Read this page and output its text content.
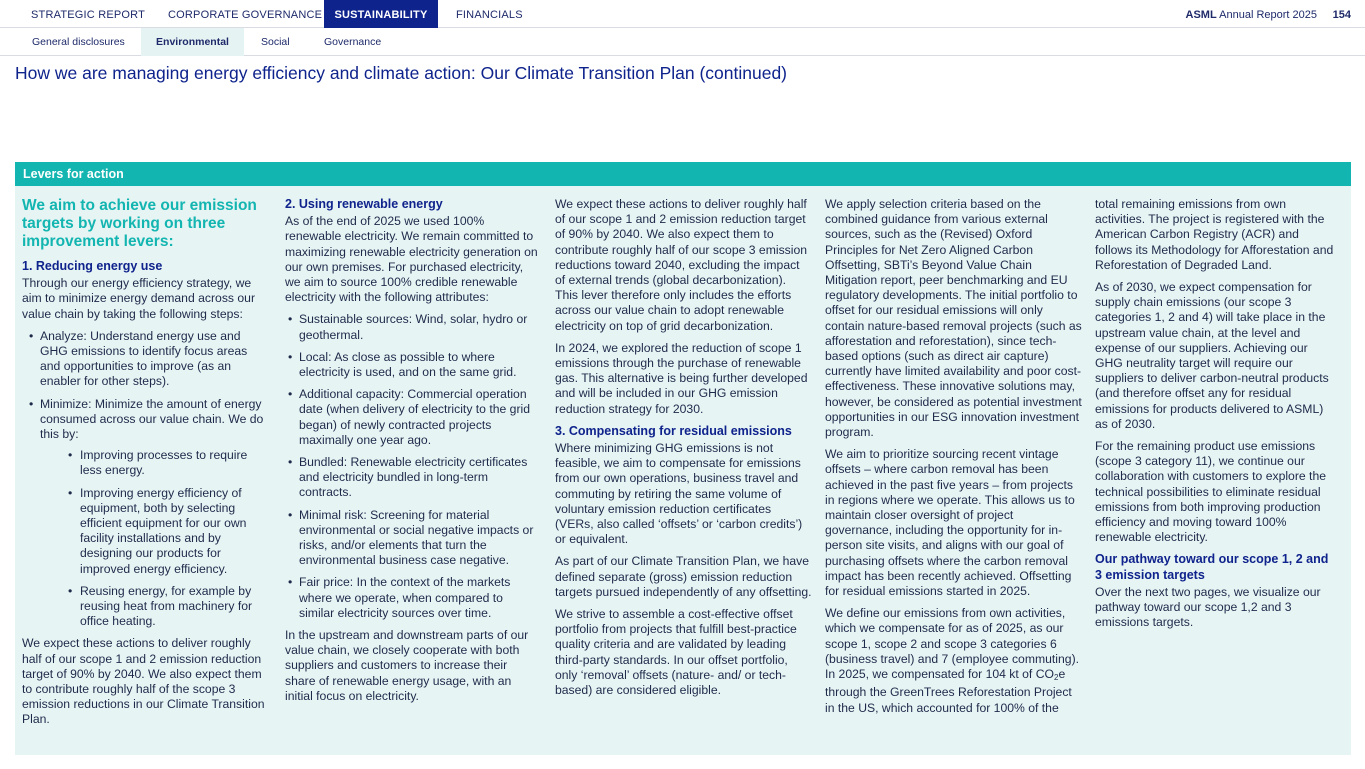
STRATEGIC REPORT CORPORATE GOVERNANCE	SUSTAINABILITY	FINANCIALS	ASML Annual Report 2025 154
General disclosures	Environmental	Social	Governance
How we are managing energy efficiency and climate action: Our Climate Transition Plan (continued)
Levers for action
We aim to achieve our emission targets by working on three improvement levers:
1. Reducing energy use

Through our energy efficiency strategy, we aim to minimize energy demand across our value chain by taking the following steps:

• Analyze: Understand energy use and GHG emissions to identify focus areas and opportunities to improve (as an enabler for other steps).
• Minimize: Minimize the amount of energy consumed across our value chain. We do this by:
• Improving processes to require less energy.
• Improving energy efficiency of equipment, both by selecting efficient equipment for our own facility installations and by designing our products for improved energy efficiency.
• Reusing energy, for example by reusing heat from machinery for office heating.

We expect these actions to deliver roughly half of our scope 1 and 2 emission reduction target of 90% by 2040. We also expect them to contribute roughly half of the scope 3 emission reductions in our Climate Transition Plan.

2. Using renewable energy

As of the end of 2025 we used 100% renewable electricity. We remain committed to maximizing renewable electricity generation on our own premises. For purchased electricity, we aim to source 100% credible renewable electricity with the following attributes:

• Sustainable sources: Wind, solar, hydro or geothermal.
• Local: As close as possible to where electricity is used, and on the same grid.
• Additional capacity: Commercial operation date (when delivery of electricity to the grid began) of newly contracted projects maximally one year ago.
• Bundled: Renewable electricity certificates and electricity bundled in long-term contracts.
• Minimal risk: Screening for material environmental or social negative impacts or risks, and/or elements that turn the environmental business case negative.
• Fair price: In the context of the markets where we operate, when compared to similar electricity sources over time.

In the upstream and downstream parts of our value chain, we closely cooperate with both suppliers and customers to increase their share of renewable energy usage, with an initial focus on electricity.

We expect these actions to deliver roughly half of our scope 1 and 2 emission reduction target of 90% by 2040. We also expect them to contribute roughly half of our scope 3 emission reductions toward 2040, excluding the impact of external trends (global decarbonization). This lever therefore only includes the efforts across our value chain to adopt renewable electricity on top of grid decarbonization.

In 2024, we explored the reduction of scope 1 emissions through the purchase of renewable gas. This alternative is being further developed and will be included in our GHG emission reduction strategy for 2030.

3. Compensating for residual emissions

Where minimizing GHG emissions is not feasible, we aim to compensate for emissions from our own operations, business travel and commuting by retiring the same volume of voluntary emission reduction certificates (VERs, also called ‘offsets’ or ‘carbon credits’) or equivalent.

As part of our Climate Transition Plan, we have defined separate (gross) emission reduction targets pursued independently of any offsetting.

We strive to assemble a cost-effective offset portfolio from projects that fulfill best-practice quality criteria and are validated by leading third-party standards. In our offset portfolio, only ‘removal’ offsets (nature- and/ or tech-based) are considered eligible.

We apply selection criteria based on the combined guidance from various external sources, such as the (Revised) Oxford Principles for Net Zero Aligned Carbon Offsetting, SBTi’s Beyond Value Chain Mitigation report, peer benchmarking and EU regulatory developments. The initial portfolio to offset for our residual emissions will only contain nature-based removal projects (such as afforestation and reforestation), since tech-based options (such as direct air capture) currently have limited availability and poor cost-effectiveness. These innovative solutions may, however, be considered as potential investment opportunities in our ESG innovation investment program.

We aim to prioritize sourcing recent vintage offsets – where carbon removal has been achieved in the past five years – from projects in regions where we operate. This allows us to maintain closer oversight of project governance, including the opportunity for in-person site visits, and aligns with our goal of purchasing offsets where the carbon removal impact has been recently achieved. Offsetting for residual emissions started in 2025.

We define our emissions from own activities, which we compensate for as of 2025, as our scope 1, scope 2 and scope 3 categories 6 (business travel) and 7 (employee commuting). In 2025, we compensated for 104 kt of $CO_2e$ through the GreenTrees Reforestation Project in the US, which accounted for 100% of the

total remaining emissions from own activities. The project is registered with the American Carbon Registry (ACR) and follows its Methodology for Afforestation and Reforestation of Degraded Land.

As of 2030, we expect compensation for supply chain emissions (our scope 3 categories 1, 2 and 4) will take place in the upstream value chain, at the level and expense of our suppliers. Achieving our GHG neutrality target will require our suppliers to deliver carbon-neutral products (and therefore offset any for residual emissions for products delivered to ASML) as of 2030.

For the remaining product use emissions (scope 3 category 11), we continue our collaboration with customers to explore the technical possibilities to eliminate residual emissions from both improving production efficiency and moving toward 100% renewable electricity.

Our pathway toward our scope 1, 2 and 3 emission targets

Over the next two pages, we visualize our pathway toward our scope 1,2 and 3 emissions targets.
